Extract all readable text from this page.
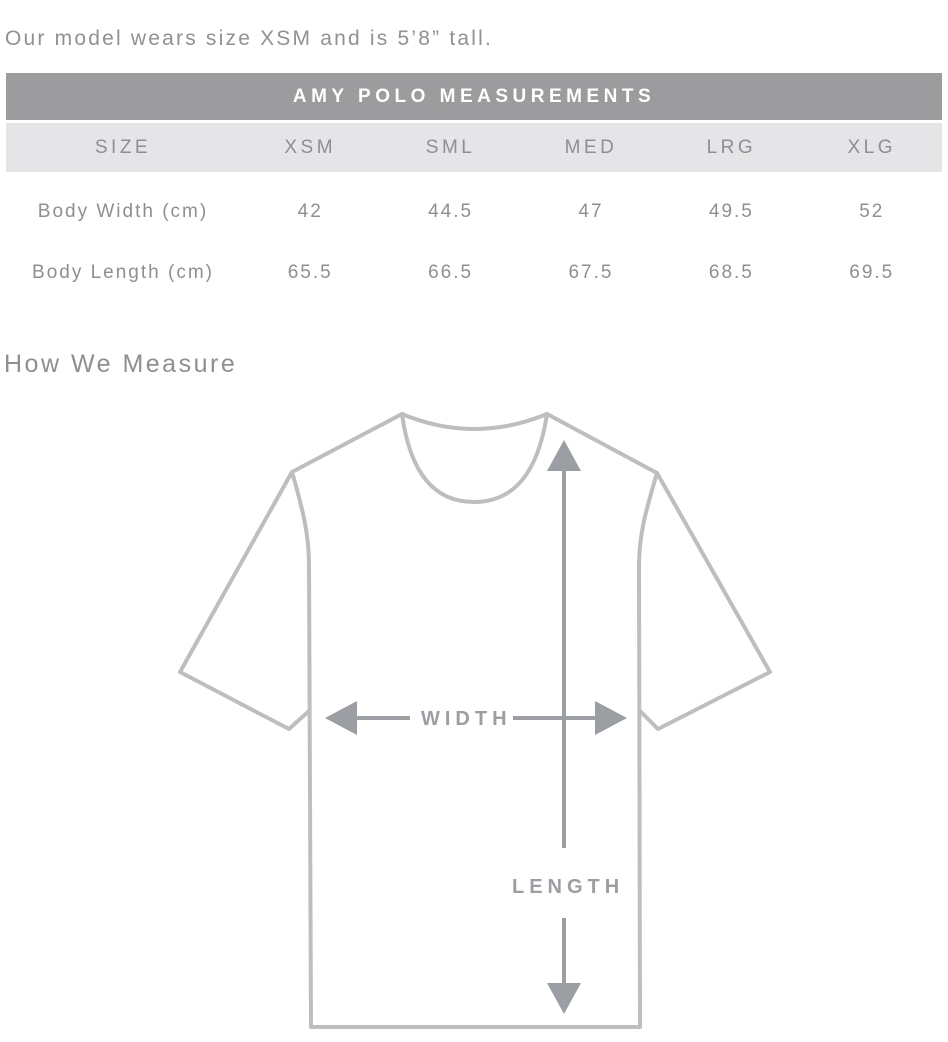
Our model wears size XSM and is 5’8” tall.

AMY POLO MEASUREMENTS
SIZE	XSM	SML	MED	LRG	XLG
Body Width (cm)	42	44.5	47	49.5	52
Body Length (cm)	65.5	66.5	67.5	68.5	69.5
How We Measure
LENGTH
WIDTH
